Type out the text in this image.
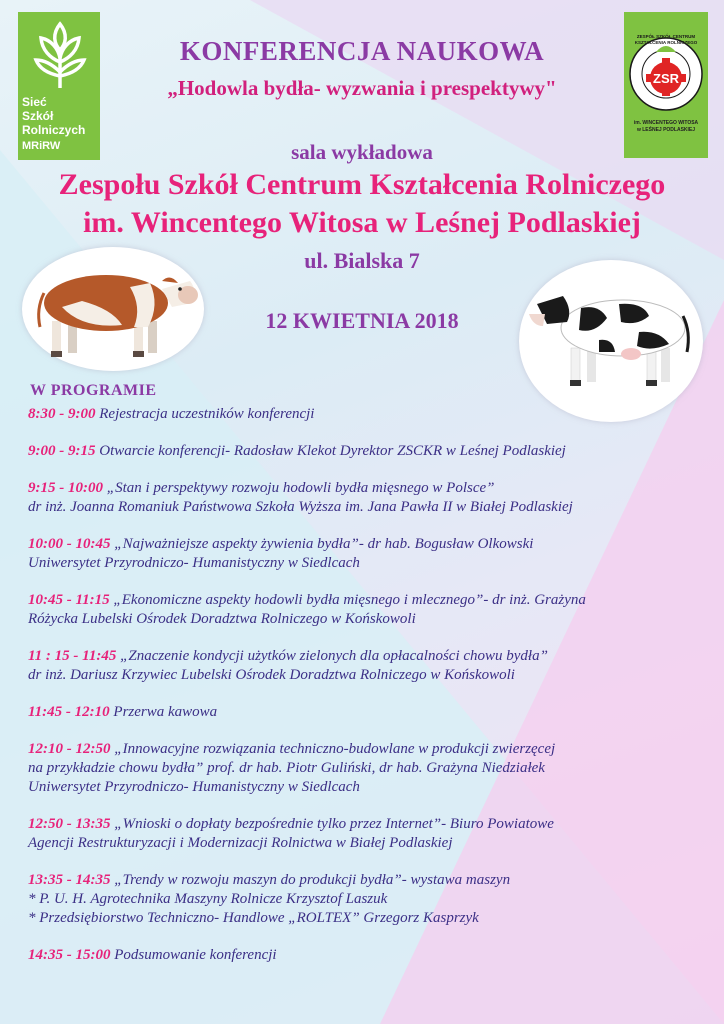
Sieć
Szkół
Rolniczych
MRiRW
ZESPÓŁ SZKÓŁ CENTRUM KSZTAŁCENIA ROLNICZEGO
ZSR
im. WINCENTEGO WITOSA
w LEŚNEJ PODLASKIEJ
KONFERENCJA NAUKOWA
„Hodowla bydła- wyzwania i prespektywy"
sala wykładowa
Zespołu Szkół Centrum Kształcenia Rolniczego
im. Wincentego Witosa w Leśnej Podlaskiej
ul. Bialska 7
12 KWIETNIA 2018
W PROGRAMIE
8:30 - 9:00 Rejestracja uczestników konferencji
9:00 - 9:15 Otwarcie konferencji- Radosław Klekot Dyrektor ZSCKR w Leśnej Podlaskiej
9:15 - 10:00 „Stan i perspektywy rozwoju hodowli bydła mięsnego w Polsce”
dr inż. Joanna Romaniuk Państwowa Szkoła Wyższa im. Jana Pawła II w Białej Podlaskiej
10:00 - 10:45 „Najważniejsze aspekty żywienia bydła”- dr hab. Bogusław Olkowski
Uniwersytet Przyrodniczo- Humanistyczny w Siedlcach
10:45 - 11:15 „Ekonomiczne aspekty hodowli bydła mięsnego i mlecznego”- dr inż. Grażyna
Różycka Lubelski Ośrodek Doradztwa Rolniczego w Końskowoli
11 : 15 - 11:45 „Znaczenie kondycji użytków zielonych dla opłacalności chowu bydła”
dr inż. Dariusz Krzywiec Lubelski Ośrodek Doradztwa Rolniczego w Końskowoli
11:45 - 12:10 Przerwa kawowa
12:10 - 12:50 „Innowacyjne rozwiązania techniczno-budowlane w produkcji zwierzęcej
na przykładzie chowu bydła” prof. dr hab. Piotr Guliński, dr hab. Grażyna Niedziałek
Uniwersytet Przyrodniczo- Humanistyczny w Siedlcach
12:50 - 13:35 „Wnioski o dopłaty bezpośrednie tylko przez Internet”- Biuro Powiatowe
Agencji Restrukturyzacji i Modernizacji Rolnictwa w Białej Podlaskiej
13:35 - 14:35 „Trendy w rozwoju maszyn do produkcji bydła”- wystawa maszyn
* P. U. H. Agrotechnika Maszyny Rolnicze Krzysztof Laszuk
* Przedsiębiorstwo Techniczno- Handlowe „ROLTEX” Grzegorz Kasprzyk
14:35 - 15:00 Podsumowanie konferencji
